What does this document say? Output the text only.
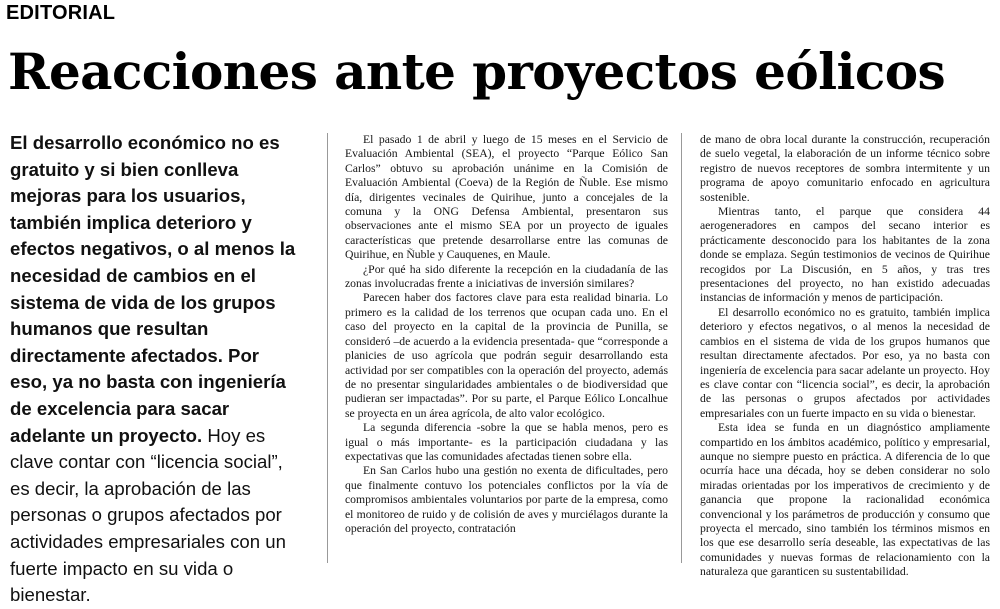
EDITORIAL
Reacciones ante proyectos eólicos
El desarrollo económico no es gratuito y si bien conlleva mejoras para los usuarios, también implica deterioro y efectos negativos, o al menos la necesidad de cambios en el sistema de vida de los grupos humanos que resultan directamente afectados. Por eso, ya no basta con ingeniería de excelencia para sacar adelante un proyecto. Hoy es clave contar con “licencia social”, es decir, la aprobación de las personas o grupos afectados por actividades empresariales con un fuerte impacto en su vida o bienestar.

El pasado 1 de abril y luego de 15 meses en el Servicio de Evaluación Ambiental (SEA), el proyecto “Parque Eólico San Carlos” obtuvo su aprobación unánime en la Comisión de Evaluación Ambiental (Coeva) de la Región de Ñuble. Ese mismo día, dirigentes vecinales de Quirihue, junto a concejales de la comuna y la ONG Defensa Ambiental, presentaron sus observaciones ante el mismo SEA por un proyecto de iguales características que pretende desarrollarse entre las comunas de Quirihue, en Ñuble y Cauquenes, en Maule.

¿Por qué ha sido diferente la recepción en la ciudadanía de las zonas involucradas frente a iniciativas de inversión similares?

Parecen haber dos factores clave para esta realidad binaria. Lo primero es la calidad de los terrenos que ocupan cada uno. En el caso del proyecto en la capital de la provincia de Punilla, se consideró –de acuerdo a la evidencia presentada- que “corresponde a planicies de uso agrícola que podrán seguir desarrollando esta actividad por ser compatibles con la operación del proyecto, además de no presentar singularidades ambientales o de biodiversidad que pudieran ser impactadas”. Por su parte, el Parque Eólico Loncalhue se proyecta en un área agrícola, de alto valor ecológico.

La segunda diferencia -sobre la que se habla menos, pero es igual o más importante- es la participación ciudadana y las expectativas que las comunidades afectadas tienen sobre ella.

En San Carlos hubo una gestión no exenta de dificultades, pero que finalmente contuvo los potenciales conflictos por la vía de compromisos ambientales voluntarios por parte de la empresa, como el monitoreo de ruido y de colisión de aves y murciélagos durante la operación del proyecto, contratación

de mano de obra local durante la construcción, recuperación de suelo vegetal, la elaboración de un informe técnico sobre registro de nuevos receptores de sombra intermitente y un programa de apoyo comunitario enfocado en agricultura sostenible.

Mientras tanto, el parque que considera 44 aerogeneradores en campos del secano interior es prácticamente desconocido para los habitantes de la zona donde se emplaza. Según testimonios de vecinos de Quirihue recogidos por La Discusión, en 5 años, y tras tres presentaciones del proyecto, no han existido adecuadas instancias de información y menos de participación.

El desarrollo económico no es gratuito, también implica deterioro y efectos negativos, o al menos la necesidad de cambios en el sistema de vida de los grupos humanos que resultan directamente afectados. Por eso, ya no basta con ingeniería de excelencia para sacar adelante un proyecto. Hoy es clave contar con “licencia social”, es decir, la aprobación de las personas o grupos afectados por actividades empresariales con un fuerte impacto en su vida o bienestar.

Esta idea se funda en un diagnóstico ampliamente compartido en los ámbitos académico, político y empresarial, aunque no siempre puesto en práctica. A diferencia de lo que ocurría hace una década, hoy se deben considerar no solo miradas orientadas por los imperativos de crecimiento y de ganancia que propone la racionalidad económica convencional y los parámetros de producción y consumo que proyecta el mercado, sino también los términos mismos en los que ese desarrollo sería deseable, las expectativas de las comunidades y nuevas formas de relacionamiento con la naturaleza que garanticen su sustentabilidad.
